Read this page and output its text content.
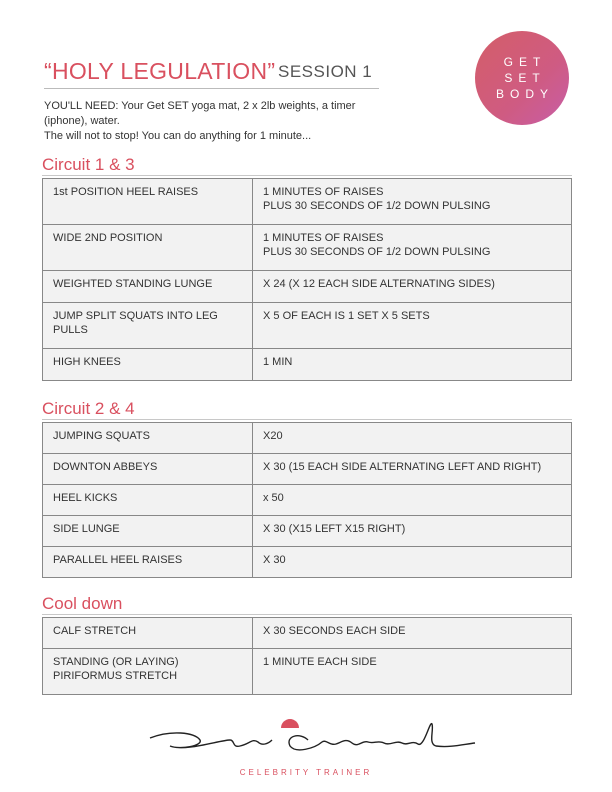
“HOLY LEGULATION” SESSION 1	GET
SET
BODY

YOU'LL NEED: Your Get SET yoga mat, 2 x 2lb weights, a timer (iphone), water.

The will not to stop! You can do anything for 1 minute...

Circuit 1 & 3
1st POSITION HEEL RAISES	1 MINUTES OF RAISES
PLUS 30 SECONDS OF 1/2 DOWN PULSING

WIDE 2ND POSITION	1 MINUTES OF RAISES
PLUS 30 SECONDS OF 1/2 DOWN PULSING

WEIGHTED STANDING LUNGE	X 24 (X 12 EACH SIDE ALTERNATING SIDES)

JUMP SPLIT SQUATS INTO LEG
PULLS	X 5 OF EACH IS 1 SET X 5 SETS
HIGH KNEES	1 MIN
Circuit 2 & 4
JUMPING SQUATS	X20
DOWNTON ABBEYS	X 30 (15 EACH SIDE ALTERNATING LEFT AND RIGHT)
HEEL KICKS	x 50
SIDE LUNGE	X 30 (X15 LEFT X15 RIGHT)
PARALLEL HEEL RAISES	X 30
Cool down
CALF STRETCH	X 30 SECONDS EACH SIDE

STANDING (OR LAYING)
PIRIFORMUS STRETCH	1 MINUTE EACH SIDE
CELEBRITY TRAINER
